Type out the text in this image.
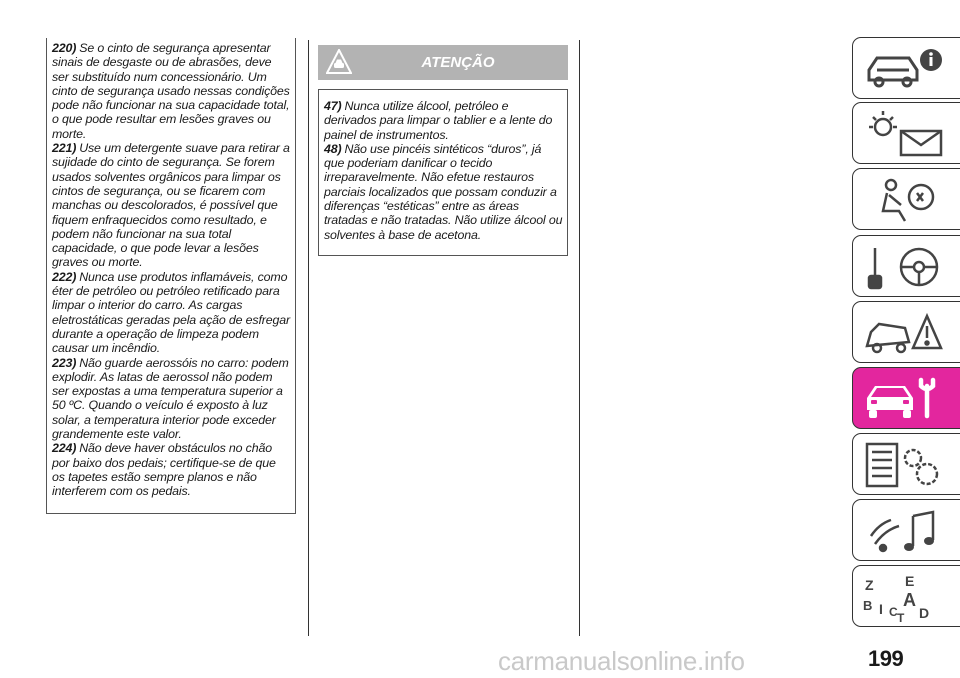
220) Se o cinto de segurança apresentar sinais de desgaste ou de abrasões, deve ser substituído num concessionário. Um cinto de segurança usado nessas condições pode não funcionar na sua capacidade total, o que pode resultar em lesões graves ou morte.

221) Use um detergente suave para retirar a sujidade do cinto de segurança. Se forem usados solventes orgânicos para limpar os cintos de segurança, ou se ficarem com manchas ou descolorados, é possível que fiquem enfraquecidos como resultado, e podem não funcionar na sua total capacidade, o que pode levar a lesões graves ou morte.

222) Nunca use produtos inflamáveis, como éter de petróleo ou petróleo retificado para limpar o interior do carro. As cargas eletrostáticas geradas pela ação de esfregar durante a operação de limpeza podem causar um incêndio.

223) Não guarde aerossóis no carro: podem explodir. As latas de aerossol não podem ser expostas a uma temperatura superior a 50 ºC. Quando o veículo é exposto à luz solar, a temperatura interior pode exceder grandemente este valor.

224) Não deve haver obstáculos no chão por baixo dos pedais; certifique-se de que os tapetes estão sempre planos e não interferem com os pedais.

ATENÇÃO

47) Nunca utilize álcool, petróleo e derivados para limpar o tablier e a lente do painel de instrumentos.

48) Não use pincéis sintéticos “duros”, já que poderiam danificar o tecido irreparavelmente. Não efetue restauros parciais localizados que possam conduzir a diferenças “estéticas” entre as áreas tratadas e não tratadas. Não utilize álcool ou solventes à base de acetona.

Z E
B I C
A
D
T
carmanualsonline.info	199
